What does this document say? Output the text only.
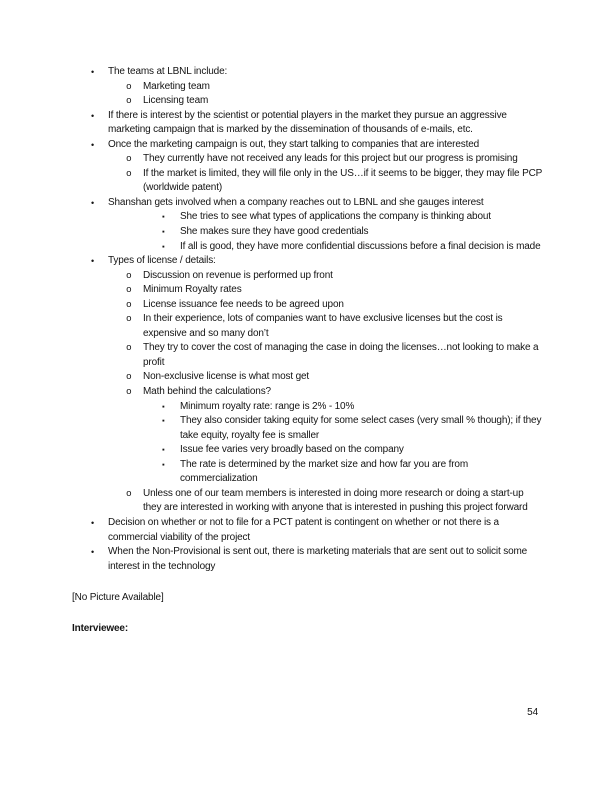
• The teams at LBNL include:
o Marketing team
o Licensing team
• If there is interest by the scientist or potential players in the market they pursue an aggressive marketing campaign that is marked by the dissemination of thousands of e-mails, etc.
• Once the marketing campaign is out, they start talking to companies that are interested
o They currently have not received any leads for this project but our progress is promising
o If the market is limited, they will file only in the US…if it seems to be bigger, they may file PCP (worldwide patent)
• Shanshan gets involved when a company reaches out to LBNL and she gauges interest
▪ She tries to see what types of applications the company is thinking about
▪ She makes sure they have good credentials
▪ If all is good, they have more confidential discussions before a final decision is made
• Types of license / details:
o Discussion on revenue is performed up front
o Minimum Royalty rates
o License issuance fee needs to be agreed upon
o In their experience, lots of companies want to have exclusive licenses but the cost is expensive and so many don’t
o They try to cover the cost of managing the case in doing the licenses…not looking to make a profit
o Non-exclusive license is what most get
o Math behind the calculations?
▪ Minimum royalty rate: range is 2% - 10%
▪ They also consider taking equity for some select cases (very small % though); if they take equity, royalty fee is smaller
▪ Issue fee varies very broadly based on the company
▪ The rate is determined by the market size and how far you are from commercialization
o Unless one of our team members is interested in doing more research or doing a start-up they are interested in working with anyone that is interested in pushing this project forward
• Decision on whether or not to file for a PCT patent is contingent on whether or not there is a commercial viability of the project
• When the Non-Provisional is sent out, there is marketing materials that are sent out to solicit some interest in the technology
[No Picture Available]
Interviewee:
54
